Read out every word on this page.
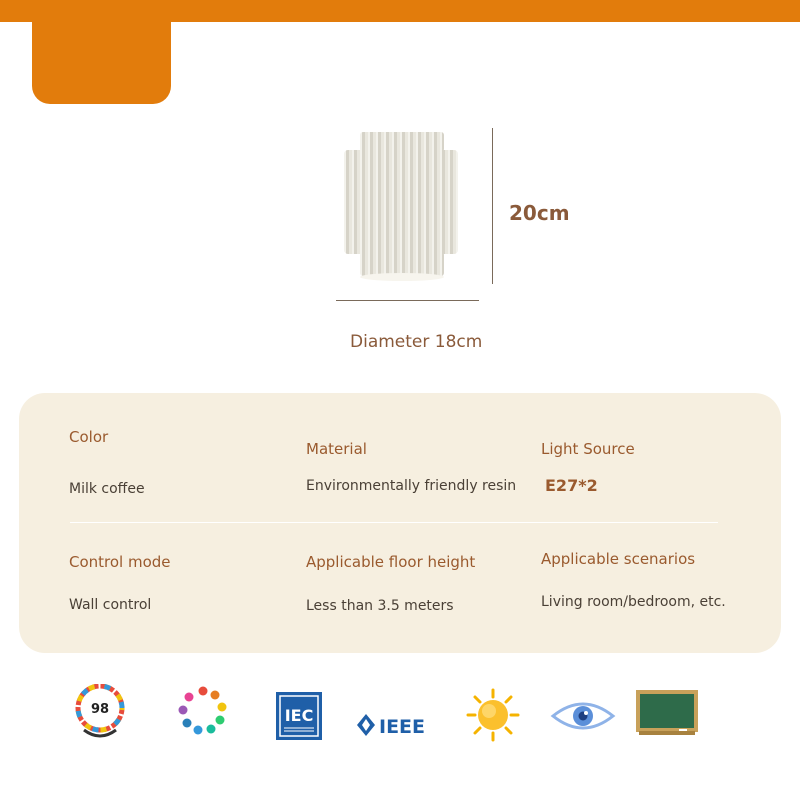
20cm
Diameter 18cm
Color
Milk coffee
Material
Environmentally friendly resin
Light Source
E27*2
Control mode
Wall control
Applicable floor height
Less than 3.5 meters
Applicable scenarios
Living room/bedroom, etc.
98	IEC
IEEE
